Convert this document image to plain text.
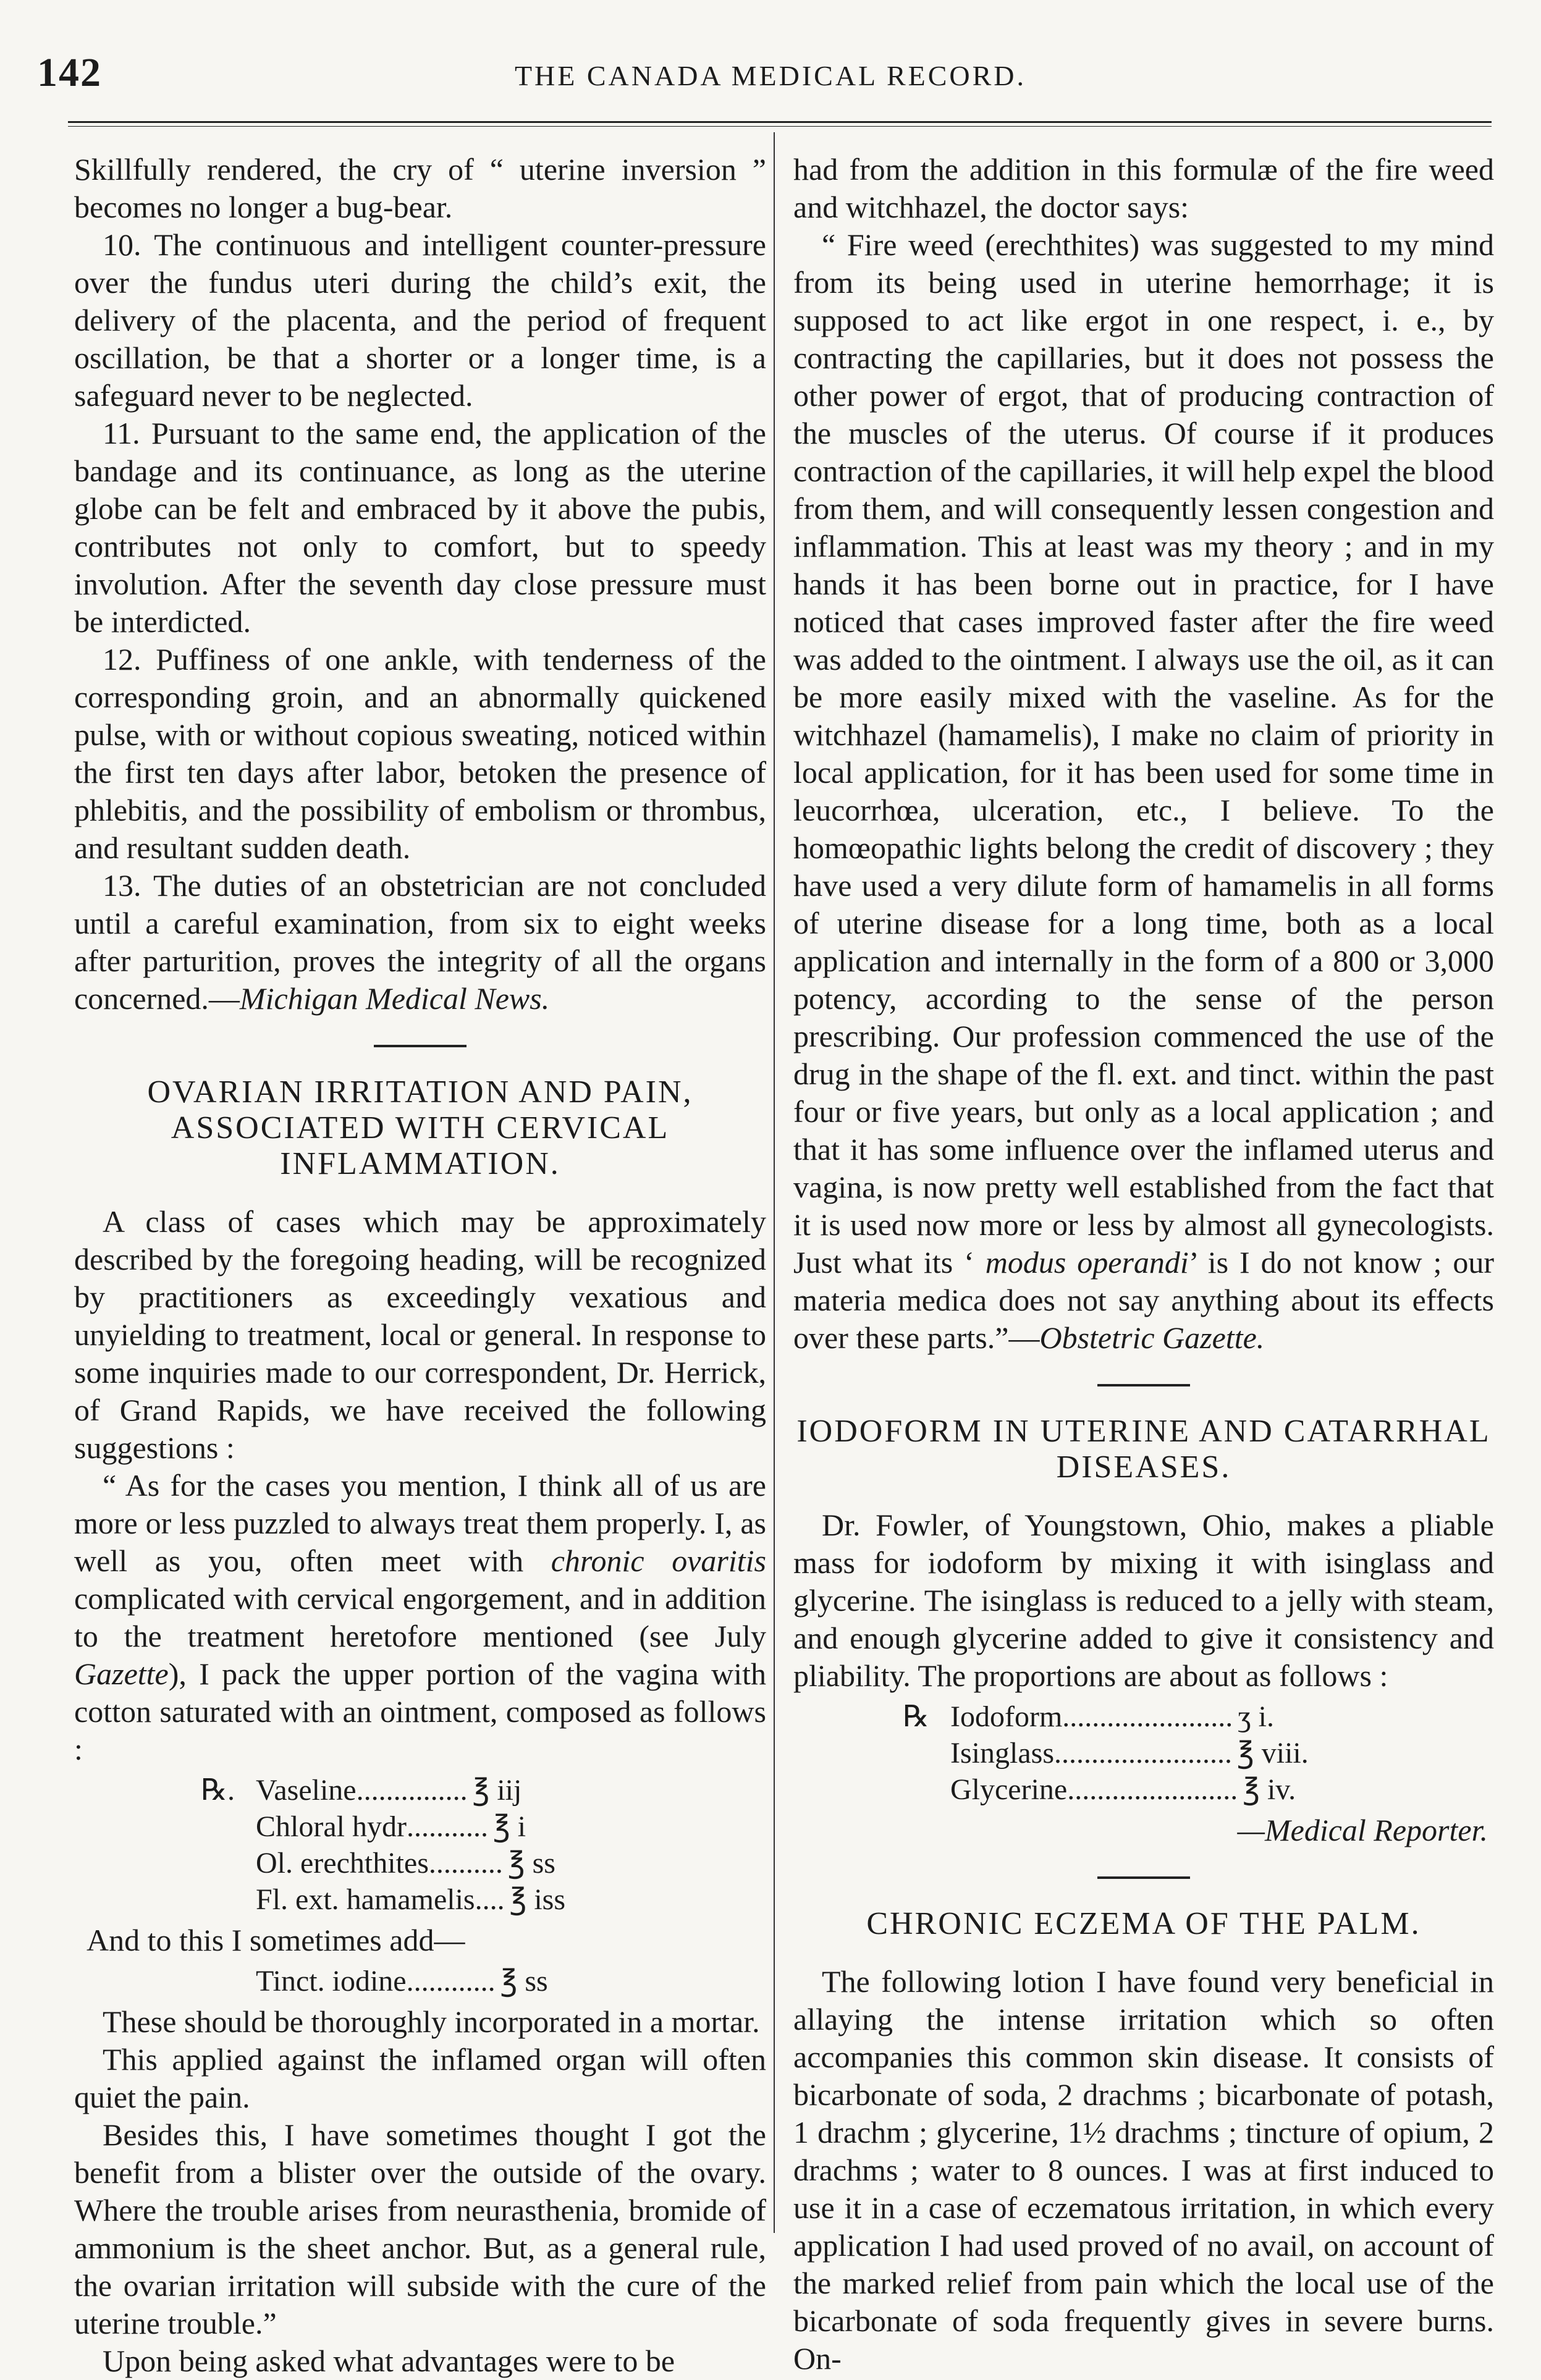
142	THE CANADA MEDICAL RECORD.

Skillfully rendered, the cry of “ uterine inversion ” becomes no longer a bug-bear.

10. The continuous and intelligent counter-pressure over the fundus uteri during the child’s exit, the delivery of the placenta, and the period of frequent oscillation, be that a shorter or a longer time, is a safeguard never to be neglected.

11. Pursuant to the same end, the application of the bandage and its continuance, as long as the uterine globe can be felt and embraced by it above the pubis, contributes not only to comfort, but to speedy involution. After the seventh day close pressure must be interdicted.

12. Puffiness of one ankle, with tenderness of the corresponding groin, and an abnormally quickened pulse, with or without copious sweating, noticed within the first ten days after labor, betoken the presence of phlebitis, and the possibility of embolism or thrombus, and resultant sudden death.

13. The duties of an obstetrician are not concluded until a careful examination, from six to eight weeks after parturition, proves the integrity of all the organs concerned.—Michigan Medical News.

OVARIAN IRRITATION AND PAIN, ASSOCIATED WITH CERVICAL INFLAMMATION.

A class of cases which may be approximately described by the foregoing heading, will be recognized by practitioners as exceedingly vexatious and unyielding to treatment, local or general. In response to some inquiries made to our correspondent, Dr. Herrick, of Grand Rapids, we have received the following suggestions :

“ As for the cases you mention, I think all of us are more or less puzzled to always treat them properly. I, as well as you, often meet with chronic ovaritis complicated with cervical engorgement, and in addition to the treatment heretofore mentioned (see July Gazette), I pack the upper portion of the vagina with cotton saturated with an ointment, composed as follows :

℞. Vaseline ............... ℥ iij
Chloral hydr ........... ℥ i
Ol. erechthites .......... ℥ ss
Fl. ext. hamamelis .... ℥ iss

And to this I sometimes add—

Tinct. iodine ............ ℥ ss

These should be thoroughly incorporated in a mortar.

This applied against the inflamed organ will often quiet the pain.

Besides this, I have sometimes thought I got the benefit from a blister over the outside of the ovary. Where the trouble arises from neurasthenia, bromide of ammonium is the sheet anchor. But, as a general rule, the ovarian irritation will subside with the cure of the uterine trouble.”

Upon being asked what advantages were to be

had from the addition in this formulæ of the fire weed and witchhazel, the doctor says:

“ Fire weed (erechthites) was suggested to my mind from its being used in uterine hemorrhage; it is supposed to act like ergot in one respect, i. e., by contracting the capillaries, but it does not possess the other power of ergot, that of producing contraction of the muscles of the uterus. Of course if it produces contraction of the capillaries, it will help expel the blood from them, and will consequently lessen congestion and inflammation. This at least was my theory ; and in my hands it has been borne out in practice, for I have noticed that cases improved faster after the fire weed was added to the ointment. I always use the oil, as it can be more easily mixed with the vaseline. As for the witchhazel (hamamelis), I make no claim of priority in local application, for it has been used for some time in leucorrhœa, ulceration, etc., I believe. To the homœopathic lights belong the credit of discovery ; they have used a very dilute form of hamamelis in all forms of uterine disease for a long time, both as a local application and internally in the form of a 800 or 3,000 potency, according to the sense of the person prescribing. Our profession commenced the use of the drug in the shape of the fl. ext. and tinct. within the past four or five years, but only as a local application ; and that it has some influence over the inflamed uterus and vagina, is now pretty well established from the fact that it is used now more or less by almost all gynecologists. Just what its ‘ modus operandi’ is I do not know ; our materia medica does not say anything about its effects over these parts.”—Obstetric Gazette.

IODOFORM IN UTERINE AND CATARRHAL DISEASES.

Dr. Fowler, of Youngstown, Ohio, makes a pliable mass for iodoform by mixing it with isinglass and glycerine. The isinglass is reduced to a jelly with steam, and enough glycerine added to give it consistency and pliability. The proportions are about as follows :

℞ Iodoform ....................... ʒ i.
Isinglass ........................ ℥ viii.
Glycerine ....................... ℥ iv.

—Medical Reporter.

CHRONIC ECZEMA OF THE PALM.

The following lotion I have found very beneficial in allaying the intense irritation which so often accompanies this common skin disease. It consists of bicarbonate of soda, 2 drachms ; bicarbonate of potash, 1 drachm ; glycerine, 1½ drachms ; tincture of opium, 2 drachms ; water to 8 ounces. I was at first induced to use it in a case of eczematous irritation, in which every application I had used proved of no avail, on account of the marked relief from pain which the local use of the bicarbonate of soda frequently gives in severe burns. On-
